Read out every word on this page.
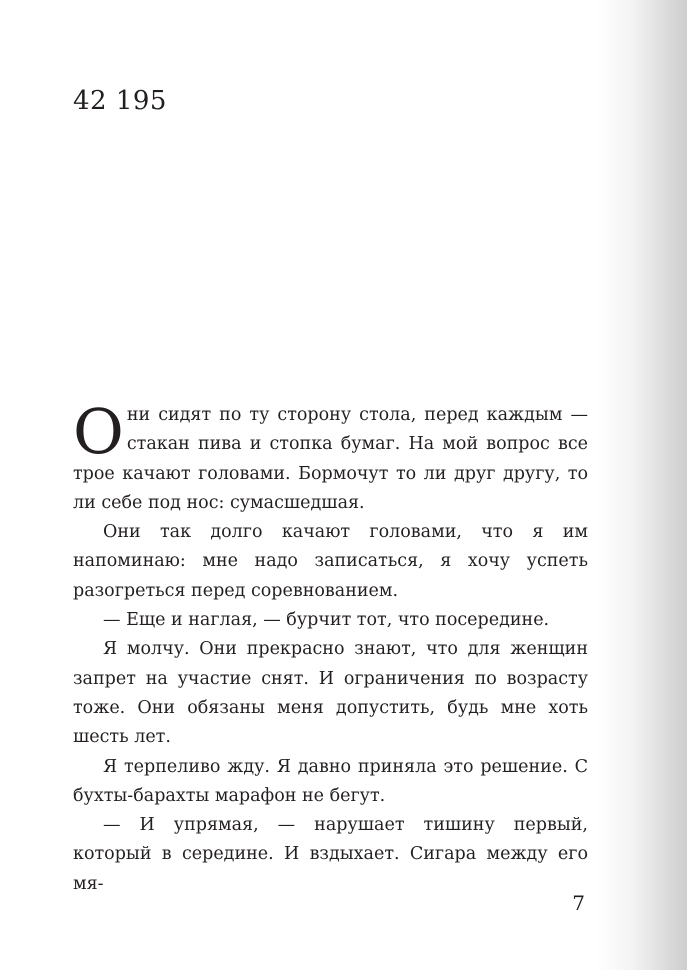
42 195

Они сидят по ту сторону стола, перед каждым — стакан пива и стопка бумаг. На мой вопрос все трое качают головами. Бормочут то ли друг другу, то ли себе под нос: сумасшедшая.

Они так долго качают головами, что я им напоминаю: мне надо записаться, я хочу успеть разогреться перед соревнованием.

— Еще и наглая, — бурчит тот, что посередине.

Я молчу. Они прекрасно знают, что для женщин запрет на участие снят. И ограничения по возрасту тоже. Они обязаны меня допустить, будь мне хоть шесть лет.

Я терпеливо жду. Я давно приняла это решение. С бухты-барахты марафон не бегут.

— И упрямая, — нарушает тишину первый, который в середине. И вздыхает. Сигара между его мя-

7
